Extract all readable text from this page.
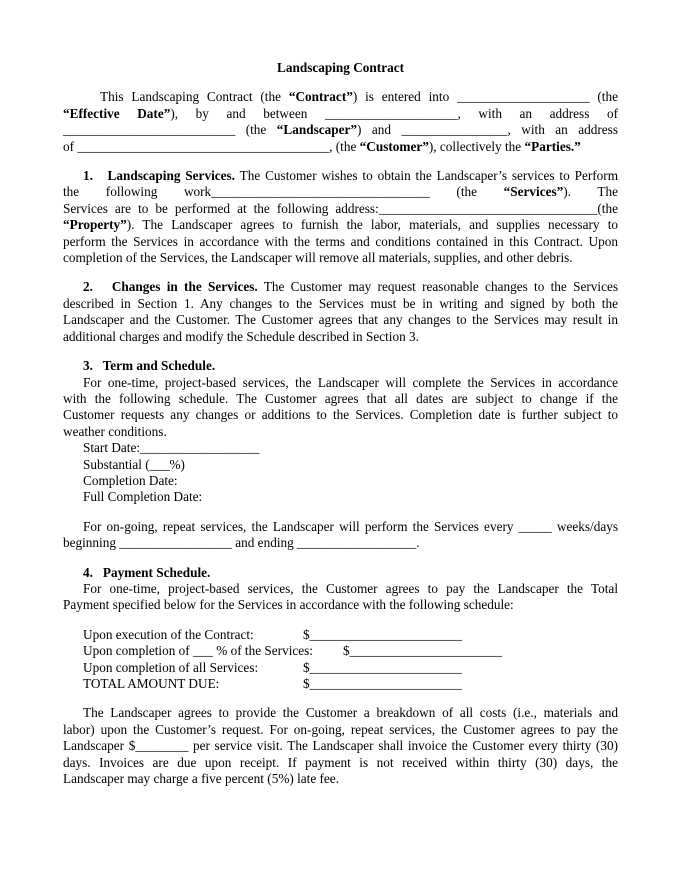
Landscaping Contract
This Landscaping Contract (the “Contract”) is entered into ____________________ (the
“Effective Date”), by and between ____________________, with an address of
__________________________ (the “Landscaper”) and ________________, with an address
of ______________________________________, (the “Customer”), collectively the “Parties.”
1.   Landscaping Services. The Customer wishes to obtain the Landscaper’s services to Perform
the following work_________________________________ (the “Services”). The
Services are to be performed at the following address:_________________________________(the
“Property”). The Landscaper agrees to furnish the labor, materials, and supplies necessary to
perform the Services in accordance with the terms and conditions contained in this Contract. Upon
completion of the Services, the Landscaper will remove all materials, supplies, and other debris.
2.   Changes in the Services. The Customer may request reasonable changes to the Services
described in Section 1. Any changes to the Services must be in writing and signed by both the
Landscaper and the Customer. The Customer agrees that any changes to the Services may result in
additional charges and modify the Schedule described in Section 3.
3.   Term and Schedule.
For one-time, project-based services, the Landscaper will complete the Services in accordance
with the following schedule. The Customer agrees that all dates are subject to change if the
Customer requests any changes or additions to the Services. Completion date is further subject to
weather conditions.
Start Date:__________________
Substantial (___%)
Completion Date:
Full Completion Date:
For on-going, repeat services, the Landscaper will perform the Services every _____ weeks/days
beginning _________________ and ending __________________.
4.   Payment Schedule.
For one-time, project-based services, the Customer agrees to pay the Landscaper the Total
Payment specified below for the Services in accordance with the following schedule:
Upon execution of the Contract:	$_______________________
Upon completion of ___ % of the Services:	$_______________________
Upon completion of all Services:	$_______________________
TOTAL AMOUNT DUE:	$_______________________
The Landscaper agrees to provide the Customer a breakdown of all costs (i.e., materials and
labor) upon the Customer’s request. For on-going, repeat services, the Customer agrees to pay the
Landscaper $________ per service visit. The Landscaper shall invoice the Customer every thirty (30)
days. Invoices are due upon receipt. If payment is not received within thirty (30) days, the
Landscaper may charge a five percent (5%) late fee.
